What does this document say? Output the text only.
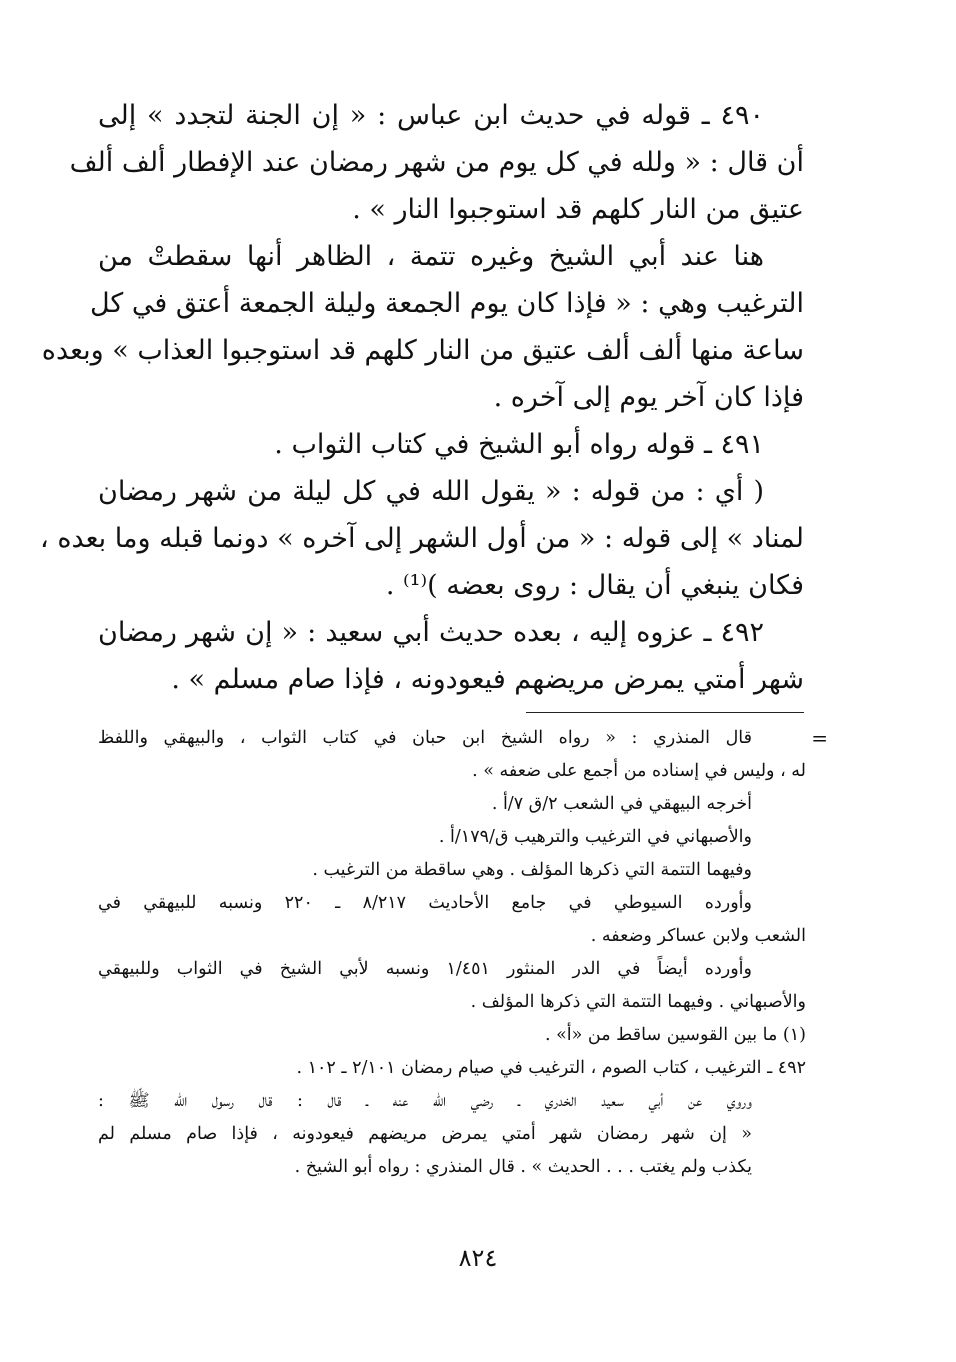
٤٩٠ ـ قوله في حديث ابن عباس : « إن الجنة لتجدد » إلى
أن قال : « ولله في كل يوم من شهر رمضان عند الإفطار ألف ألف
عتيق من النار كلهم قد استوجبوا النار » .
هنا عند أبي الشيخ وغيره تتمة ، الظاهر أنها سقطتْ من
الترغيب وهي : « فإذا كان يوم الجمعة وليلة الجمعة أعتق في كل
ساعة منها ألف ألف عتيق من النار كلهم قد استوجبوا العذاب » وبعده
فإذا كان آخر يوم إلى آخره .
٤٩١ ـ قوله رواه أبو الشيخ في كتاب الثواب .
( أي : من قوله : « يقول الله في كل ليلة من شهر رمضان
لمناد » إلى قوله : « من أول الشهر إلى آخره » دونما قبله وما بعده ،
فكان ينبغي أن يقال : روى بعضه )⁽¹⁾ .
٤٩٢ ـ عزوه إليه ، بعده حديث أبي سعيد : « إن شهر رمضان
شهر أمتي يمرض مريضهم فيعودونه ، فإذا صام مسلم » .
=
قال المنذري : « رواه الشيخ ابن حبان في كتاب الثواب ، والبيهقي واللفظ
له ، وليس في إسناده من أجمع على ضعفه » .
أخرجه البيهقي في الشعب ٢/ق ٧/أ .
والأصبهاني في الترغيب والترهيب ق/١٧٩/أ .
وفيهما التتمة التي ذكرها المؤلف . وهي ساقطة من الترغيب .
وأورده السيوطي في جامع الأحاديث ٨/٢١٧ ـ ٢٢٠ ونسبه للبيهقي في
الشعب ولابن عساكر وضعفه .
وأورده أيضاً في الدر المنثور ١/٤٥١ ونسبه لأبي الشيخ في الثواب وللبيهقي
والأصبهاني . وفيهما التتمة التي ذكرها المؤلف .
(١) ما بين القوسين ساقط من «أ» .
٤٩٢ ـ الترغيب ، كتاب الصوم ، الترغيب في صيام رمضان ٢/١٠١ ـ ١٠٢ .
وروي عن أبي سعيد الخدري ـ رضي الله عنه ـ قال : قال رسول الله ﷺ :
« إن شهر رمضان شهر أمتي يمرض مريضهم فيعودونه ، فإذا صام مسلم لم
يكذب ولم يغتب . . . الحديث » . قال المنذري : رواه أبو الشيخ .
٨٢٤
